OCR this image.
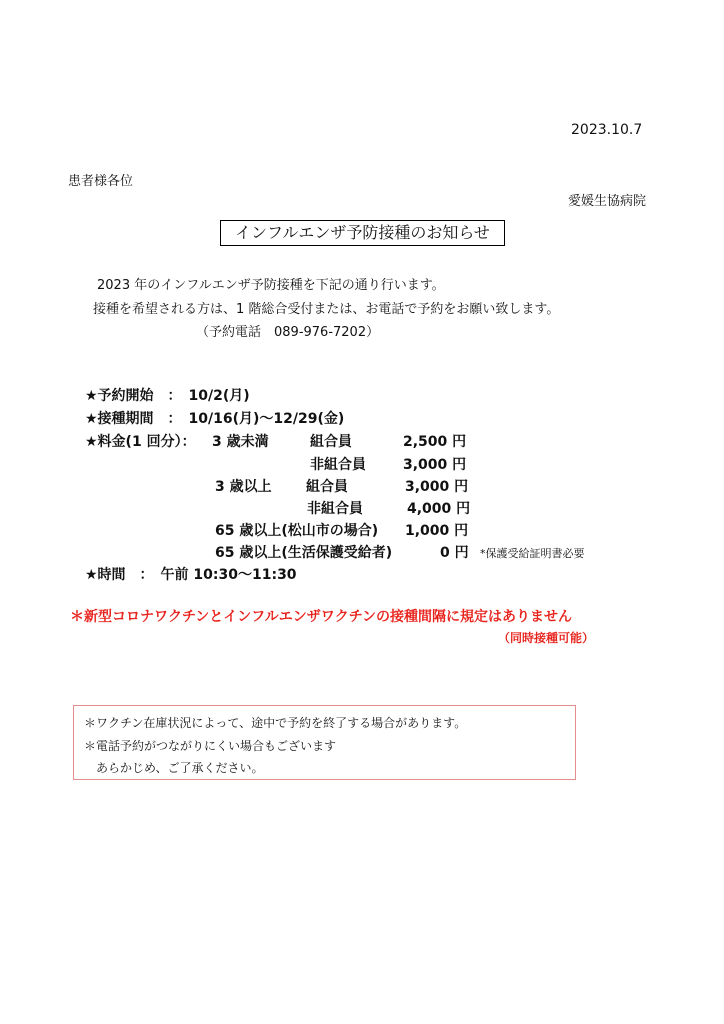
2023.10.7
患者様各位
愛媛生協病院
インフルエンザ予防接種のお知らせ
2023 年のインフルエンザ予防接種を下記の通り行います。
接種を希望される方は、1 階総合受付または、お電話で予約をお願い致します。
（予約電話　089-976-7202）
★予約開始　：　10/2(月)
★接種期間　：　10/16(月)～12/29(金)
★料金(1 回分）： 3 歳未満	組合員	2,500 円
非組合員	3,000 円
3 歳以上 組合員	3,000 円
非組合員	4,000 円
65 歳以上(松山市の場合) 1,000 円
65 歳以上(生活保護受給者)	0 円 *保護受給証明書必要
★時間　：　午前 10:30～11:30
＊新型コロナワクチンとインフルエンザワクチンの接種間隔に規定はありません
（同時接種可能）
＊ワクチン在庫状況によって、途中で予約を終了する場合があります。
＊電話予約がつながりにくい場合もございます
あらかじめ、ご了承ください。
